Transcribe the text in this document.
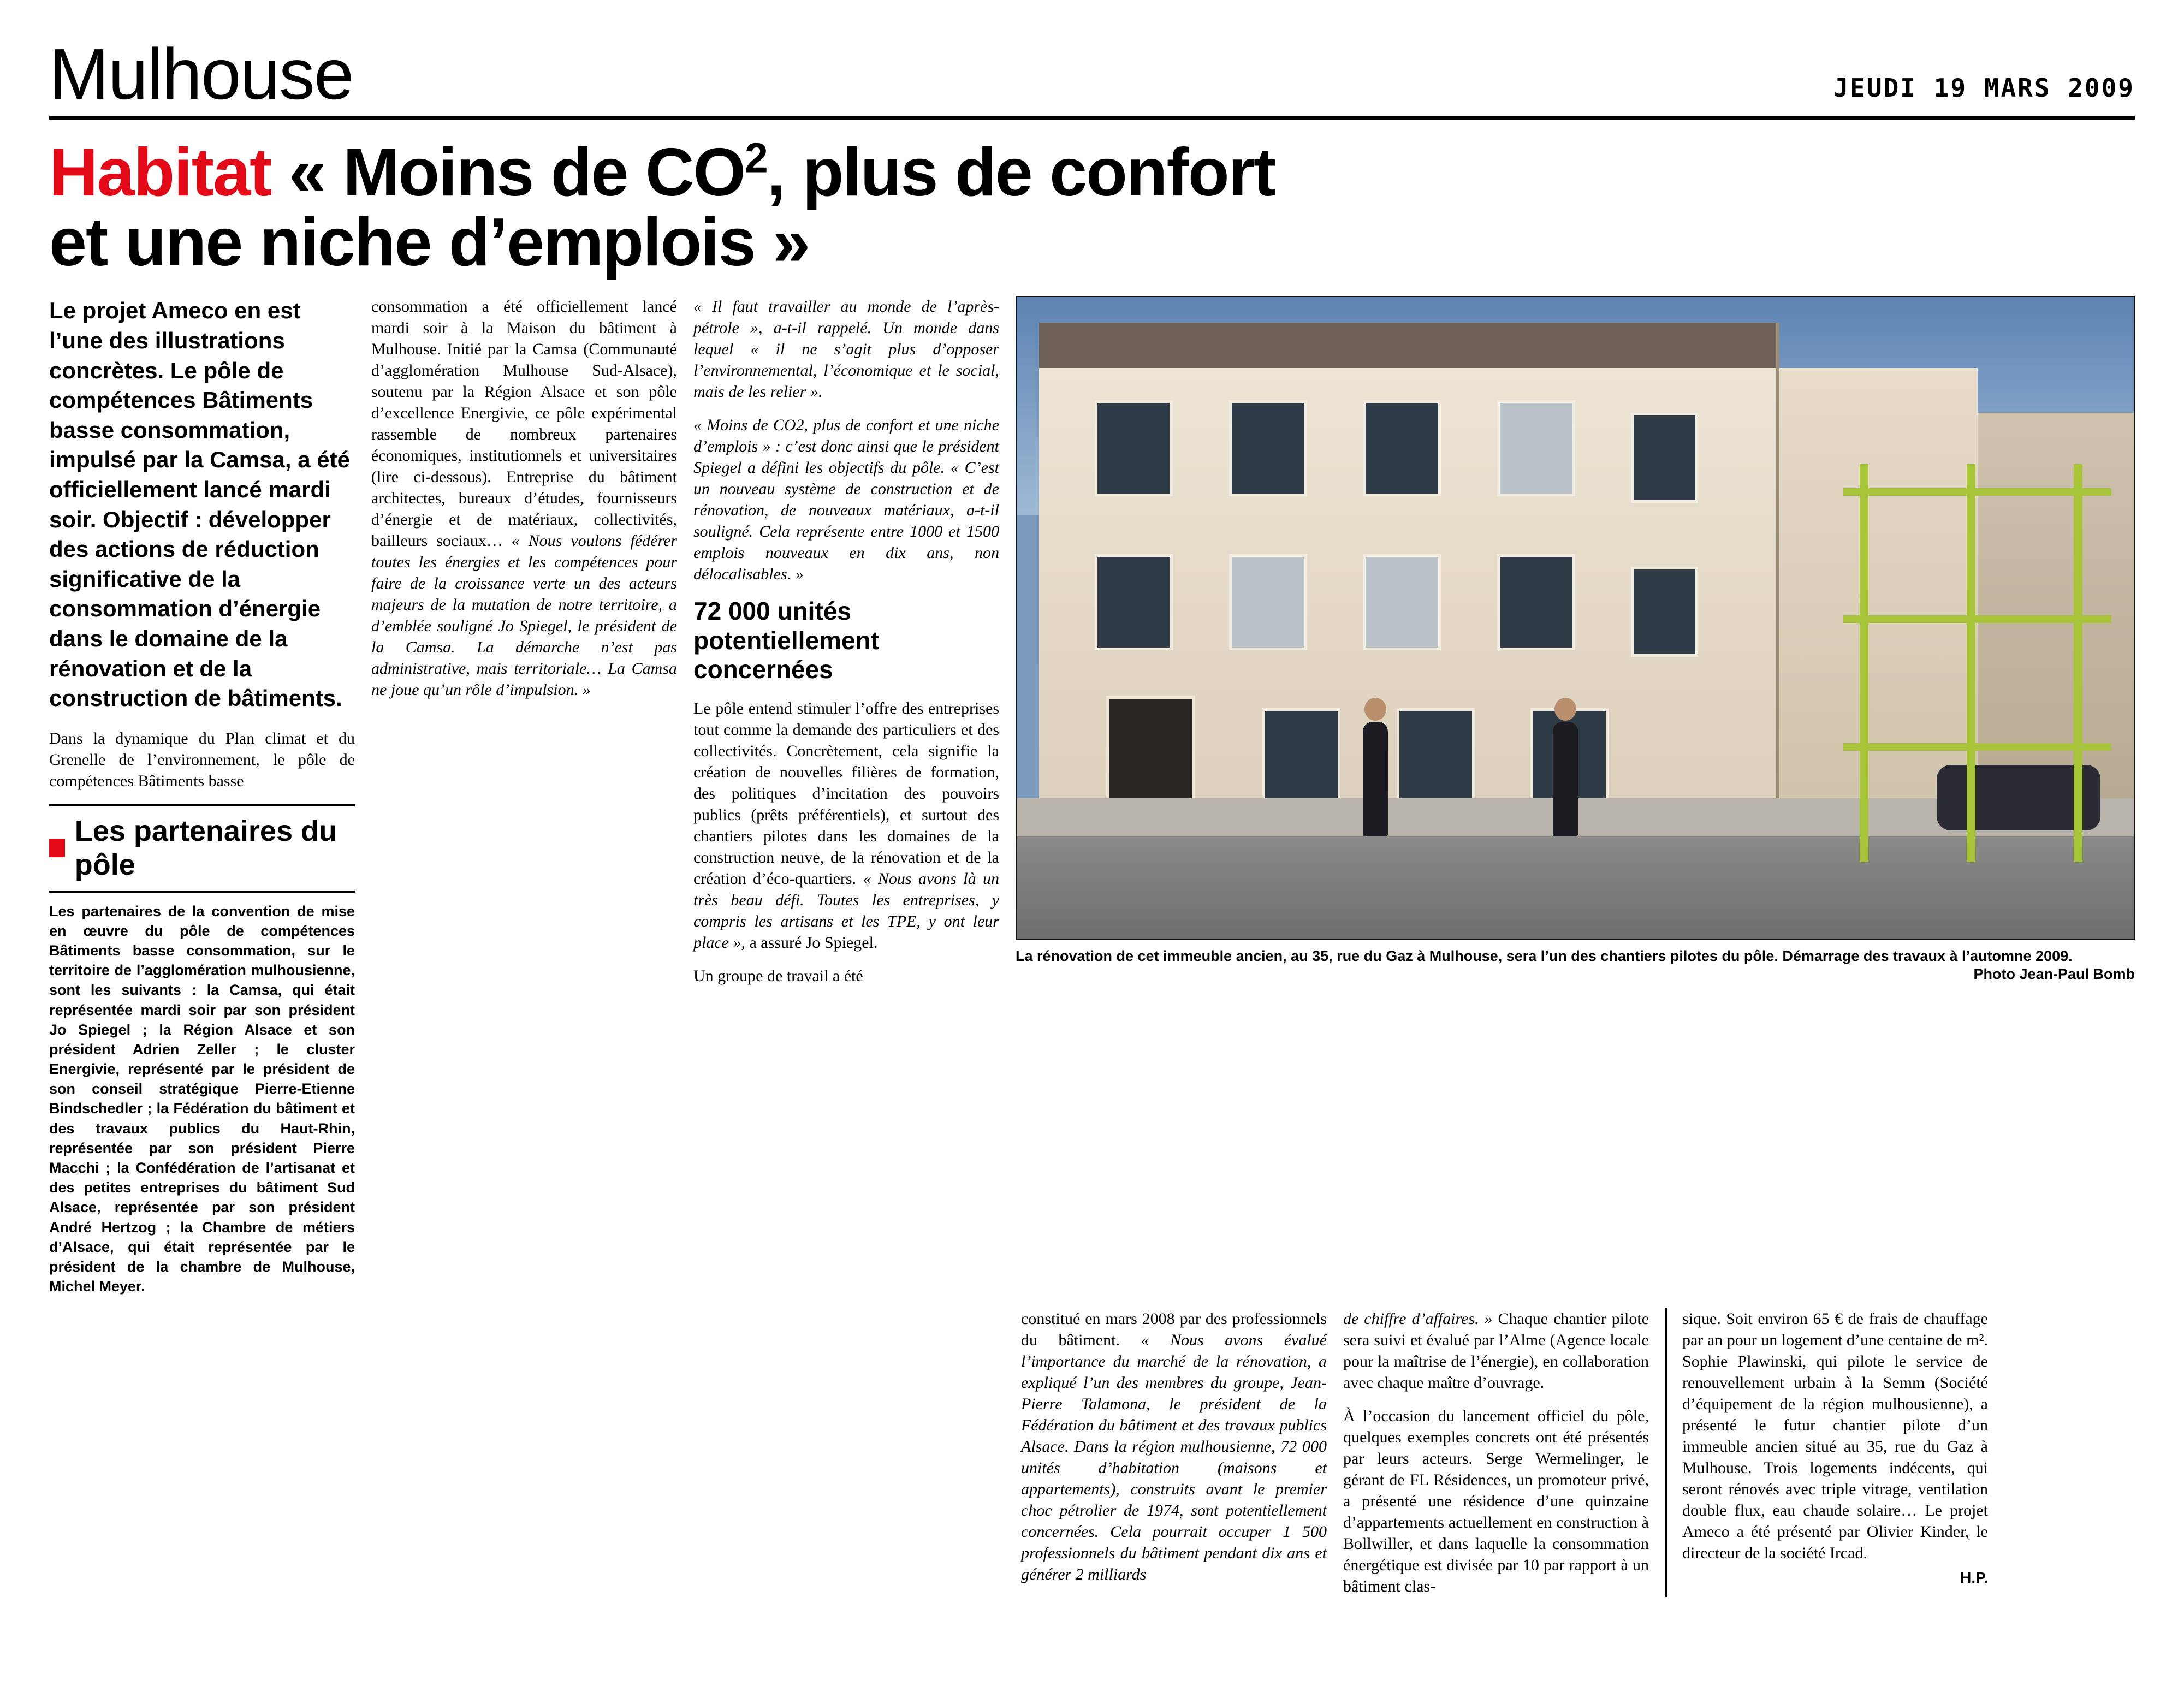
Mulhouse	JEUDI 19 MARS 2009
Habitat « Moins de $CO^2$, plus de confort
et une niche d’emplois »

Le projet Ameco en est l’une des illustrations concrètes. Le pôle de compétences Bâtiments basse consommation, impulsé par la Camsa, a été officiellement lancé mardi soir. Objectif : développer des actions de réduction significative de la consommation d’énergie dans le domaine de la rénovation et de la construction de bâtiments.

Dans la dynamique du Plan climat et du Grenelle de l’environnement, le pôle de compétences Bâtiments basse

Les partenaires du pôle
Les partenaires de la convention de mise en œuvre du pôle de compétences Bâtiments basse consommation, sur le territoire de l’agglomération mulhousienne, sont les suivants : la Camsa, qui était représentée mardi soir par son président Jo Spiegel ; la Région Alsace et son président Adrien Zeller ; le cluster Energivie, représenté par le président de son conseil stratégique Pierre-Etienne Bindschedler ; la Fédération du bâtiment et des travaux publics du Haut-Rhin, représentée par son président Pierre Macchi ; la Confédération de l’artisanat et des petites entreprises du bâtiment Sud Alsace, représentée par son président André Hertzog ; la Chambre de métiers d’Alsace, qui était représentée par le président de la chambre de Mulhouse, Michel Meyer.

consommation a été officiellement lancé mardi soir à la Maison du bâtiment à Mulhouse. Initié par la Camsa (Communauté d’agglomération Mulhouse Sud-Alsace), soutenu par la Région Alsace et son pôle d’excellence Energivie, ce pôle expérimental rassemble de nombreux partenaires économiques, institutionnels et universitaires (lire ci-dessous). Entreprise du bâtiment architectes, bureaux d’études, fournisseurs d’énergie et de matériaux, collectivités, bailleurs sociaux… « Nous voulons fédérer toutes les énergies et les compétences pour faire de la croissance verte un des acteurs majeurs de la mutation de notre territoire, a d’emblée souligné Jo Spiegel, le président de la Camsa. La démarche n’est pas administrative, mais territoriale… La Camsa ne joue qu’un rôle d’impulsion. »

« Il faut travailler au monde de l’après-pétrole », a-t-il rappelé. Un monde dans lequel « il ne s’agit plus d’opposer l’environnemental, l’économique et le social, mais de les relier ».

« Moins de CO2, plus de confort et une niche d’emplois » : c’est donc ainsi que le président Spiegel a défini les objectifs du pôle. « C’est un nouveau système de construction et de rénovation, de nouveaux matériaux, a-t-il souligné. Cela représente entre 1000 et 1500 emplois nouveaux en dix ans, non délocalisables. »

72 000 unités potentiellement concernées

Le pôle entend stimuler l’offre des entreprises tout comme la demande des particuliers et des collectivités. Concrètement, cela signifie la création de nouvelles filières de formation, des politiques d’incitation des pouvoirs publics (prêts préférentiels), et surtout des chantiers pilotes dans les domaines de la construction neuve, de la rénovation et de la création d’éco-quartiers. « Nous avons là un très beau défi. Toutes les entreprises, y compris les artisans et les TPE, y ont leur place », a assuré Jo Spiegel.

Un groupe de travail a été

La rénovation de cet immeuble ancien, au 35, rue du Gaz à Mulhouse, sera l’un des chantiers pilotes du pôle. Démarrage des travaux à l’automne 2009.
Photo Jean-Paul Bomb

constitué en mars 2008 par des professionnels du bâtiment. « Nous avons évalué l’importance du marché de la rénovation, a expliqué l’un des membres du groupe, Jean-Pierre Talamona, le président de la Fédération du bâtiment et des travaux publics Alsace. Dans la région mulhousienne, 72 000 unités d’habitation (maisons et appartements), construits avant le premier choc pétrolier de 1974, sont potentiellement concernées. Cela pourrait occuper 1 500 professionnels du bâtiment pendant dix ans et générer 2 milliards

de chiffre d’affaires. » Chaque chantier pilote sera suivi et évalué par l’Alme (Agence locale pour la maîtrise de l’énergie), en collaboration avec chaque maître d’ouvrage.

À l’occasion du lancement officiel du pôle, quelques exemples concrets ont été présentés par leurs acteurs. Serge Wermelinger, le gérant de FL Résidences, un promoteur privé, a présenté une résidence d’une quinzaine d’appartements actuellement en construction à Bollwiller, et dans laquelle la consommation énergétique est divisée par 10 par rapport à un bâtiment clas-

sique. Soit environ 65 € de frais de chauffage par an pour un logement d’une centaine de m². Sophie Plawinski, qui pilote le service de renouvellement urbain à la Semm (Société d’équipement de la région mulhousienne), a présenté le futur chantier pilote d’un immeuble ancien situé au 35, rue du Gaz à Mulhouse. Trois logements indécents, qui seront rénovés avec triple vitrage, ventilation double flux, eau chaude solaire… Le projet Ameco a été présenté par Olivier Kinder, le directeur de la société Ircad.

H.P.
